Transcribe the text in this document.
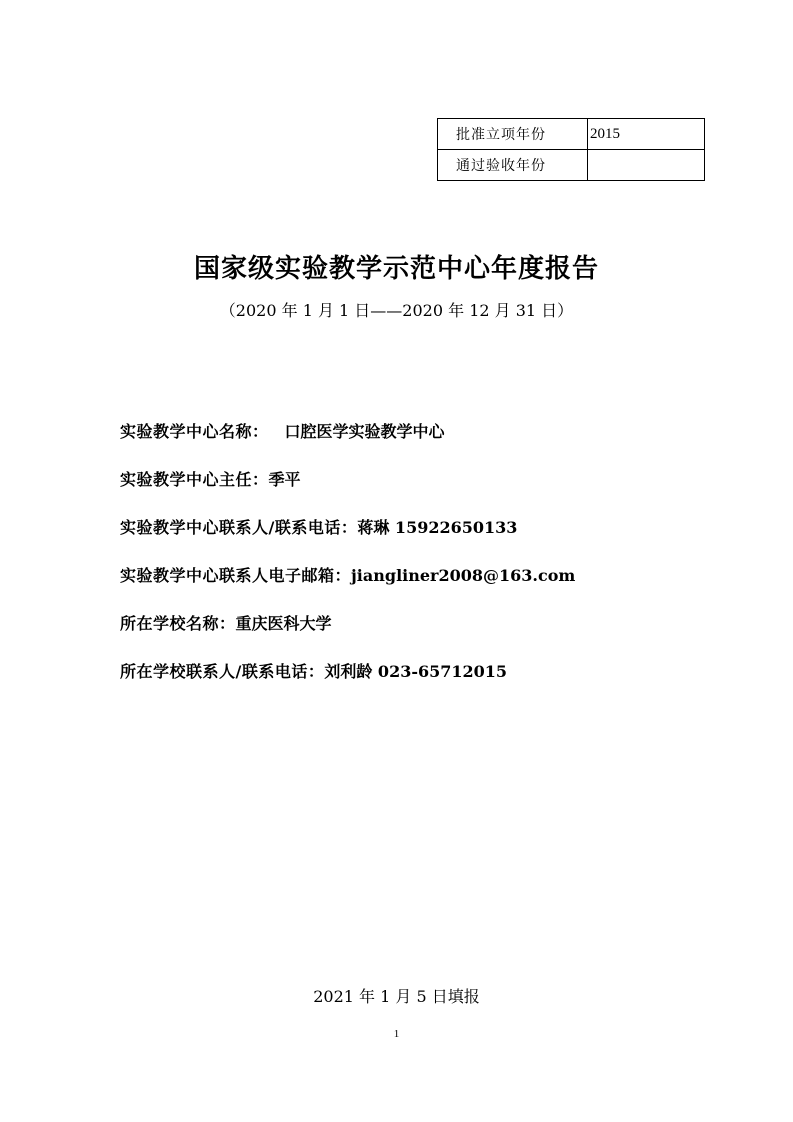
批准立项年份	2015
通过验收年份	
国家级实验教学示范中心年度报告
（2020 年 1 月 1 日——2020 年 12 月 31 日）
实验教学中心名称： 口腔医学实验教学中心
实验教学中心主任：季平
实验教学中心联系人/联系电话：蒋琳 15922650133
实验教学中心联系人电子邮箱：jiangliner2008@163.com
所在学校名称：重庆医科大学
所在学校联系人/联系电话：刘利龄 023-65712015
2021 年 1 月 5 日填报
1
